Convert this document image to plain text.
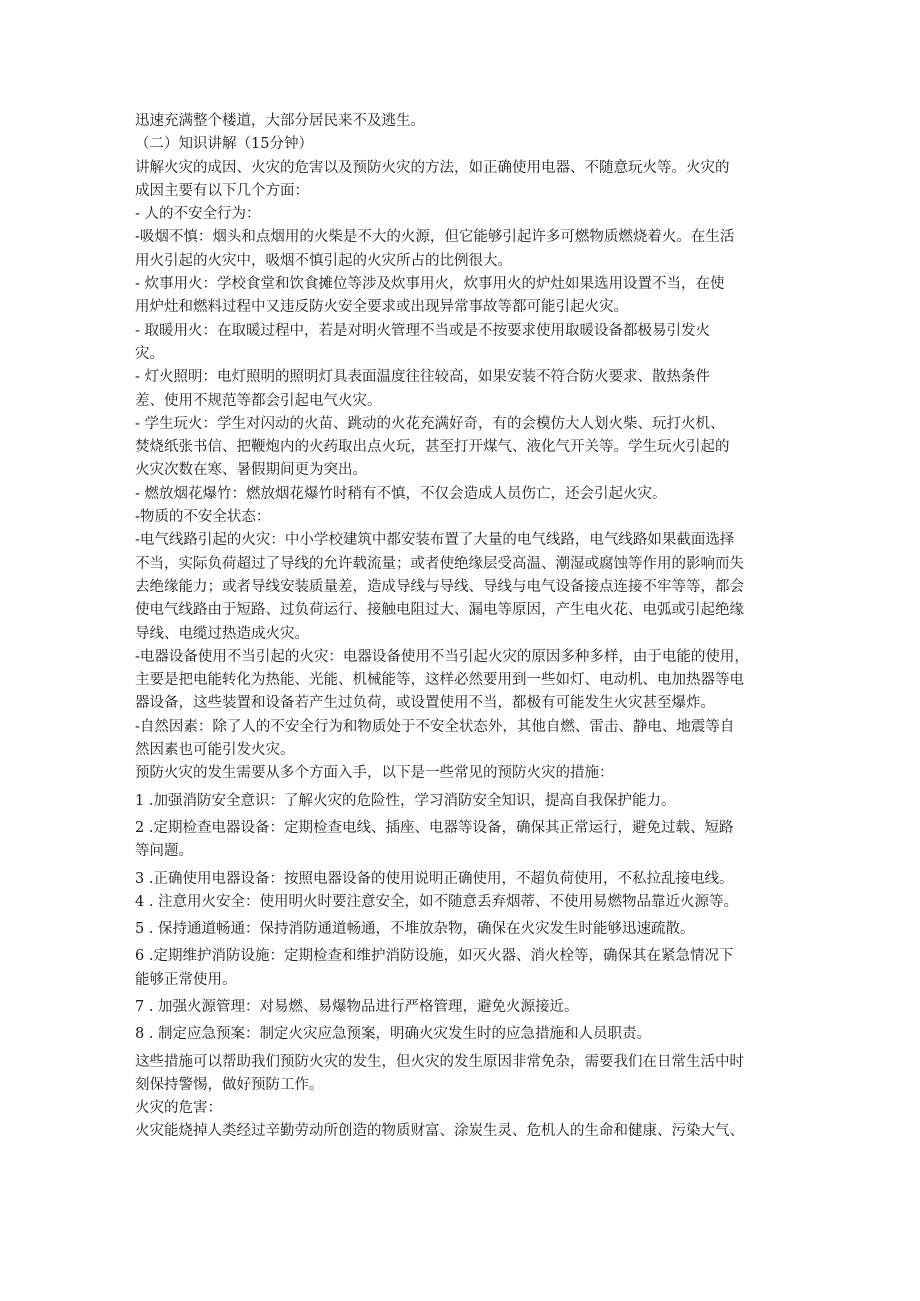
迅速充满整个楼道，大部分居民来不及逃生。
（二）知识讲解（15分钟）
讲解火灾的成因、火灾的危害以及预防火灾的方法，如正确使用电器、不随意玩火等。火灾的
成因主要有以下几个方面：
- 人的不安全行为：
-吸烟不慎：烟头和点烟用的火柴是不大的火源，但它能够引起许多可燃物质燃烧着火。在生活
用火引起的火灾中，吸烟不慎引起的火灾所占的比例很大。
- 炊事用火：学校食堂和饮食摊位等涉及炊事用火，炊事用火的炉灶如果选用设置不当，在使
用炉灶和燃料过程中又违反防火安全要求或出现异常事故等都可能引起火灾。
- 取暖用火：在取暖过程中，若是对明火管理不当或是不按要求使用取暖设备都极易引发火
灾。
- 灯火照明：电灯照明的照明灯具表面温度往往较高，如果安装不符合防火要求、散热条件
差、使用不规范等都会引起电气火灾。
- 学生玩火：学生对闪动的火苗、跳动的火花充满好奇，有的会模仿大人划火柴、玩打火机、
焚烧纸张书信、把鞭炮内的火药取出点火玩，甚至打开煤气、液化气开关等。学生玩火引起的
火灾次数在寒、暑假期间更为突出。
- 燃放烟花爆竹：燃放烟花爆竹时稍有不慎，不仅会造成人员伤亡，还会引起火灾。
-物质的不安全状态：
-电气线路引起的火灾：中小学校建筑中都安装布置了大量的电气线路，电气线路如果截面选择
不当，实际负荷超过了导线的允许载流量；或者使绝缘层受高温、潮湿或腐蚀等作用的影响而失
去绝缘能力；或者导线安装质量差，造成导线与导线、导线与电气设备接点连接不牢等等，都会
使电气线路由于短路、过负荷运行、接触电阻过大、漏电等原因，产生电火花、电弧或引起绝缘
导线、电缆过热造成火灾。
-电器设备使用不当引起的火灾：电器设备使用不当引起火灾的原因多种多样，由于电能的使用，
主要是把电能转化为热能、光能、机械能等，这样必然要用到一些如灯、电动机、电加热器等电
器设备，这些装置和设备若产生过负荷，或设置使用不当，都极有可能发生火灾甚至爆炸。
-自然因素：除了人的不安全行为和物质处于不安全状态外，其他自燃、雷击、静电、地震等自
然因素也可能引发火灾。
预防火灾的发生需要从多个方面入手，以下是一些常见的预防火灾的措施：
1 .加强消防安全意识：了解火灾的危险性，学习消防安全知识，提高自我保护能力。
2 .定期检查电器设备：定期检查电线、插座、电器等设备，确保其正常运行，避免过载、短路
等问题。
3 .正确使用电器设备：按照电器设备的使用说明正确使用，不超负荷使用，不私拉乱接电线。
4 . 注意用火安全：使用明火时要注意安全，如不随意丢弃烟蒂、不使用易燃物品靠近火源等。
5 . 保持通道畅通：保持消防通道畅通，不堆放杂物，确保在火灾发生时能够迅速疏散。
6 .定期维护消防设施：定期检查和维护消防设施，如灭火器、消火栓等，确保其在紧急情况下
能够正常使用。
7 . 加强火源管理：对易燃、易爆物品进行严格管理，避免火源接近。
8 . 制定应急预案：制定火灾应急预案，明确火灾发生时的应急措施和人员职责。
这些措施可以帮助我们预防火灾的发生，但火灾的发生原因非常免杂，需要我们在日常生活中时
刻保持警惕，做好预防工作。
火灾的危害：
火灾能烧掉人类经过辛勤劳动所创造的物质财富、涂炭生灵、危机人的生命和健康、污染大气、
